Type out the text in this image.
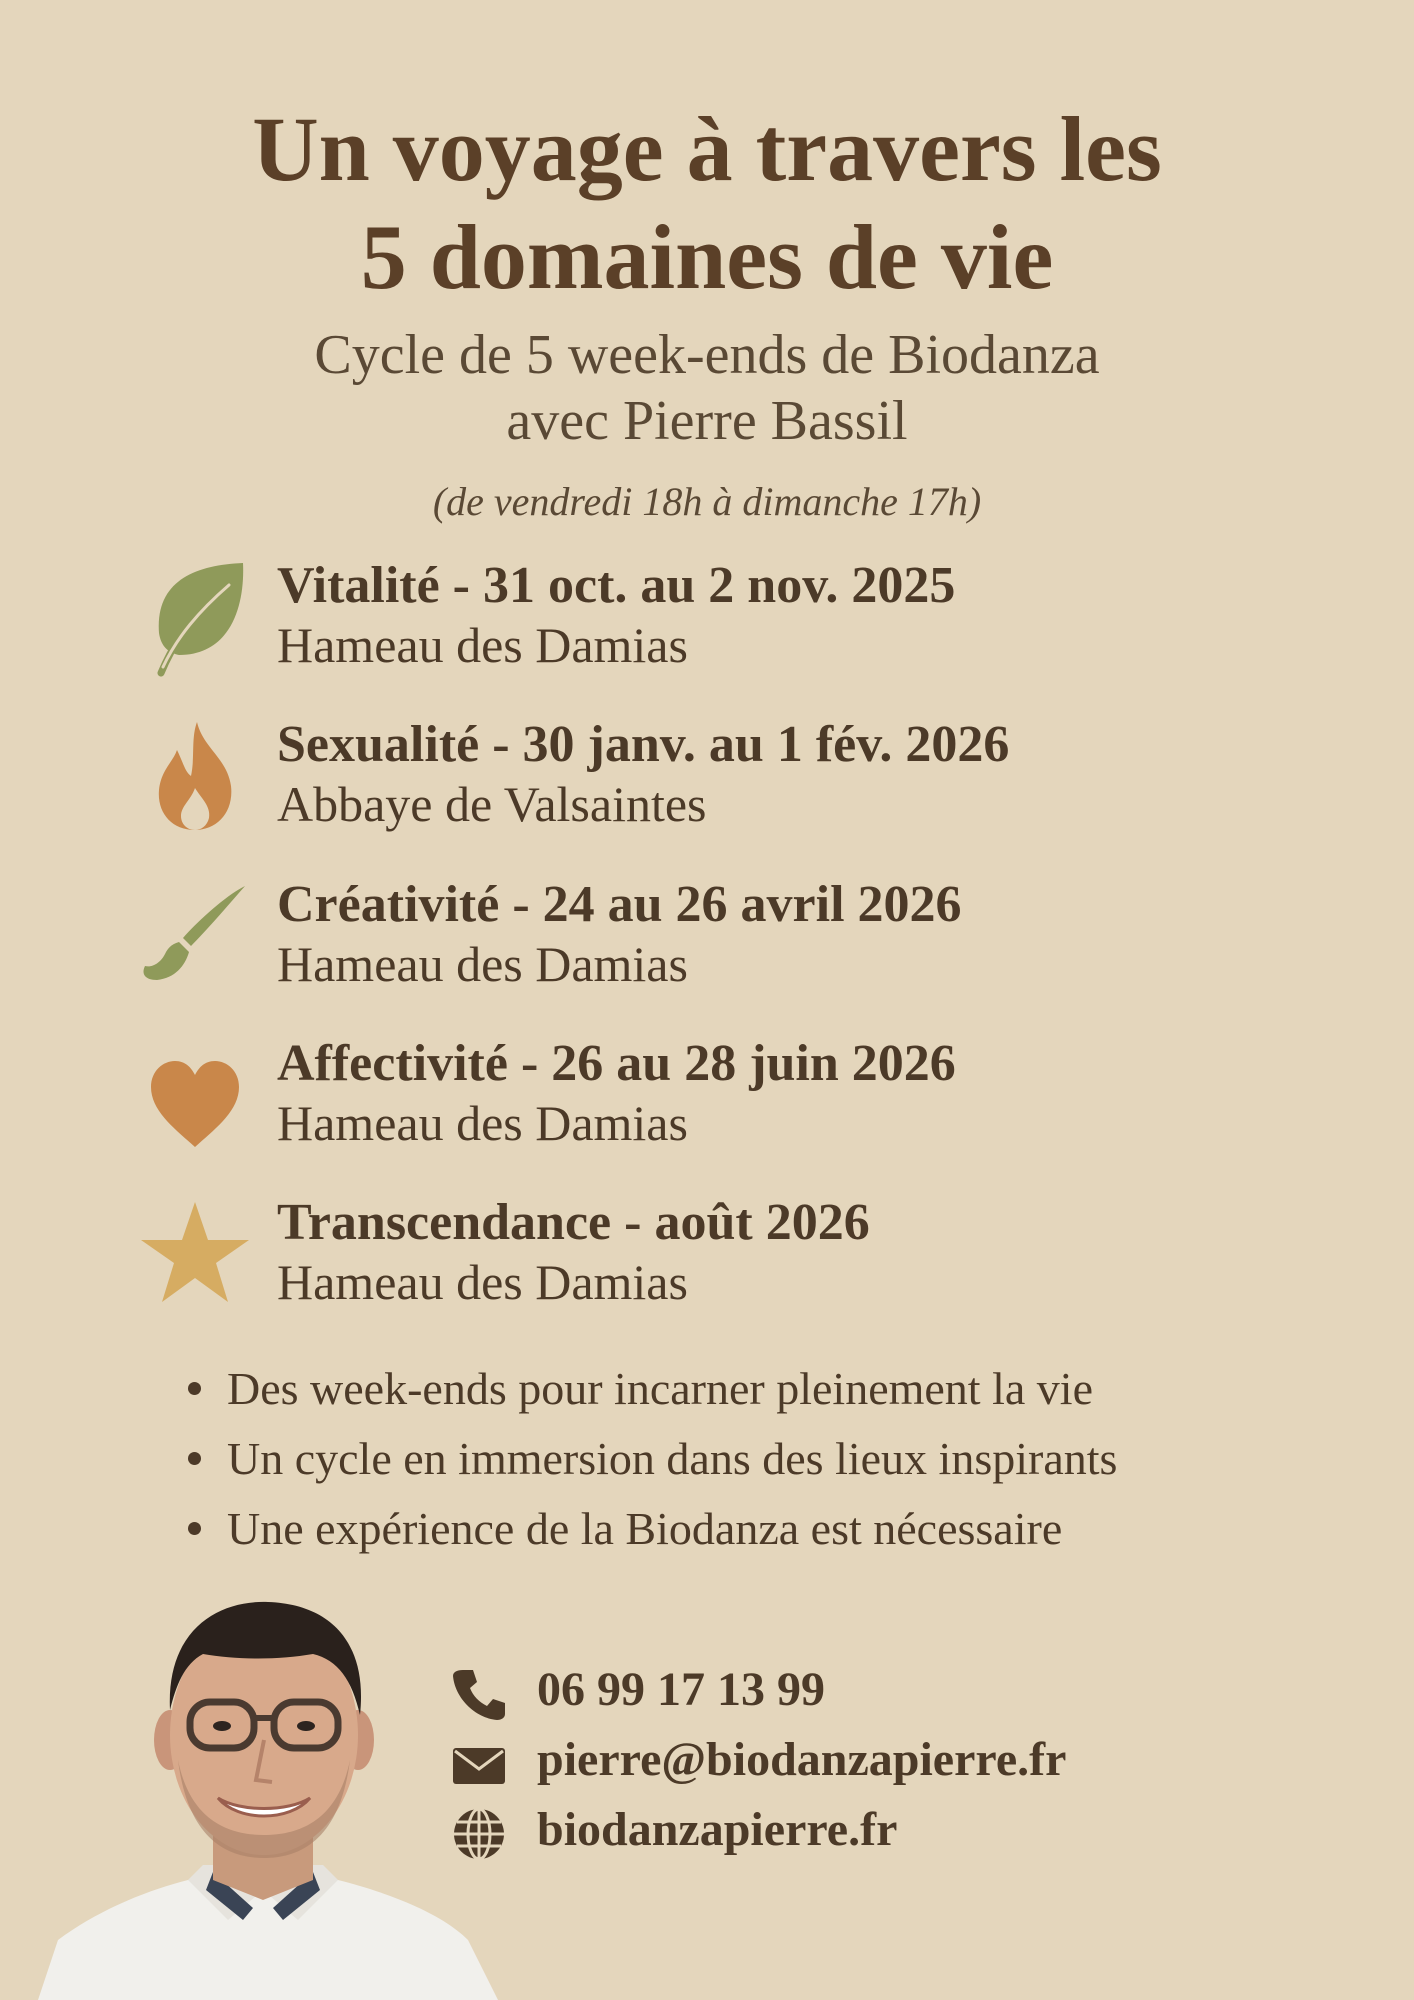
Un voyage à travers les
5 domaines de vie
Cycle de 5 week-ends de Biodanza
avec Pierre Bassil
(de vendredi 18h à dimanche 17h)
Vitalité - 31 oct. au 2 nov. 2025
Hameau des Damias
Sexualité - 30 janv. au 1 fév. 2026
Abbaye de Valsaintes
Créativité - 24 au 26 avril 2026
Hameau des Damias
Affectivité - 26 au 28 juin 2026
Hameau des Damias
Transcendance - août 2026
Hameau des Damias
Des week-ends pour incarner pleinement la vie
Un cycle en immersion dans des lieux inspirants
Une expérience de la Biodanza est nécessaire
06 99 17 13 99
pierre@biodanzapierre.fr
biodanzapierre.fr
